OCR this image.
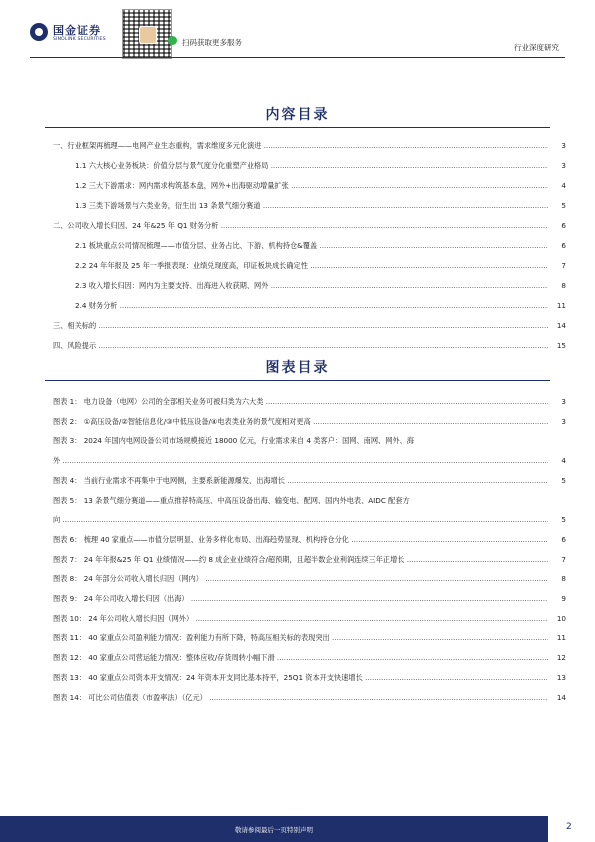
国金证券
SINOLINK SECURITIES	扫码获取更多服务
行业深度研究
内容目录
一、行业框架再梳理——电网产业生态重构，需求维度多元化演进 .....	3
1.1 六大核心业务板块：价值分层与景气度分化重塑产业格局 .....	3
1.2 三大下游需求：网内需求构筑基本盘，网外+出海驱动增量扩张 .....	4
1.3 三类下游场景与六类业务，衍生出 13 条景气细分赛道 .....	5
二、公司收入增长归因、24 年&25 年 Q1 财务分析 .....	6
2.1 板块重点公司情况梳理——市值分层、业务占比、下游、机构持仓&覆盖 .....	6
2.2 24 年年报及 25 年一季报表现：业绩兑现度高，印证板块成长确定性 .....	7
2.3 收入增长归因：网内为主要支持、出海进入收获期、网外 .....	8
2.4 财务分析 .....	11
三、相关标的 .....	14
四、风险提示 .....	15
图表目录
图表 1： 电力设备（电网）公司的全部相关业务可被归类为六大类 .....	3
图表 2： ①高压设备/②智能信息化/③中低压设备/④电表类业务的景气度相对更高 .....	3
图表 3： 2024 年国内电网设备公司市场规模接近 18000 亿元，行业需求来自 4 类客户：国网、南网、网外、海
外 .....	4
图表 4： 当前行业需求不再集中于电网侧，主要系新能源爆发、出海增长 .....	5
图表 5： 13 条景气细分赛道——重点推荐特高压、中高压设备出海、输变电、配网、国内外电表、AIDC 配套方
向 .....	5
图表 6： 梳理 40 家重点——市值分层明显、业务多样化布局、出海趋势显现、机构持仓分化 .....	6
图表 7： 24 年年报&25 年 Q1 业绩情况——约 8 成企业业绩符合/超预期，且超半数企业利润连续三年正增长 .....	7
图表 8： 24 年部分公司收入增长归因（网内） .....	8
图表 9： 24 年公司收入增长归因（出海） .....	9
图表 10： 24 年公司收入增长归因（网外） .....	10
图表 11： 40 家重点公司盈利能力情况：盈利能力有所下降，特高压相关标的表现突出 .....	11
图表 12： 40 家重点公司营运能力情况：整体应收/存货周转小幅下滑 .....	12
图表 13： 40 家重点公司资本开支情况：24 年资本开支同比基本持平，25Q1 资本开支快速增长 .....	13
图表 14： 可比公司估值表（市盈率法）（亿元） .....	14
敬请参阅最后一页特别声明	2
